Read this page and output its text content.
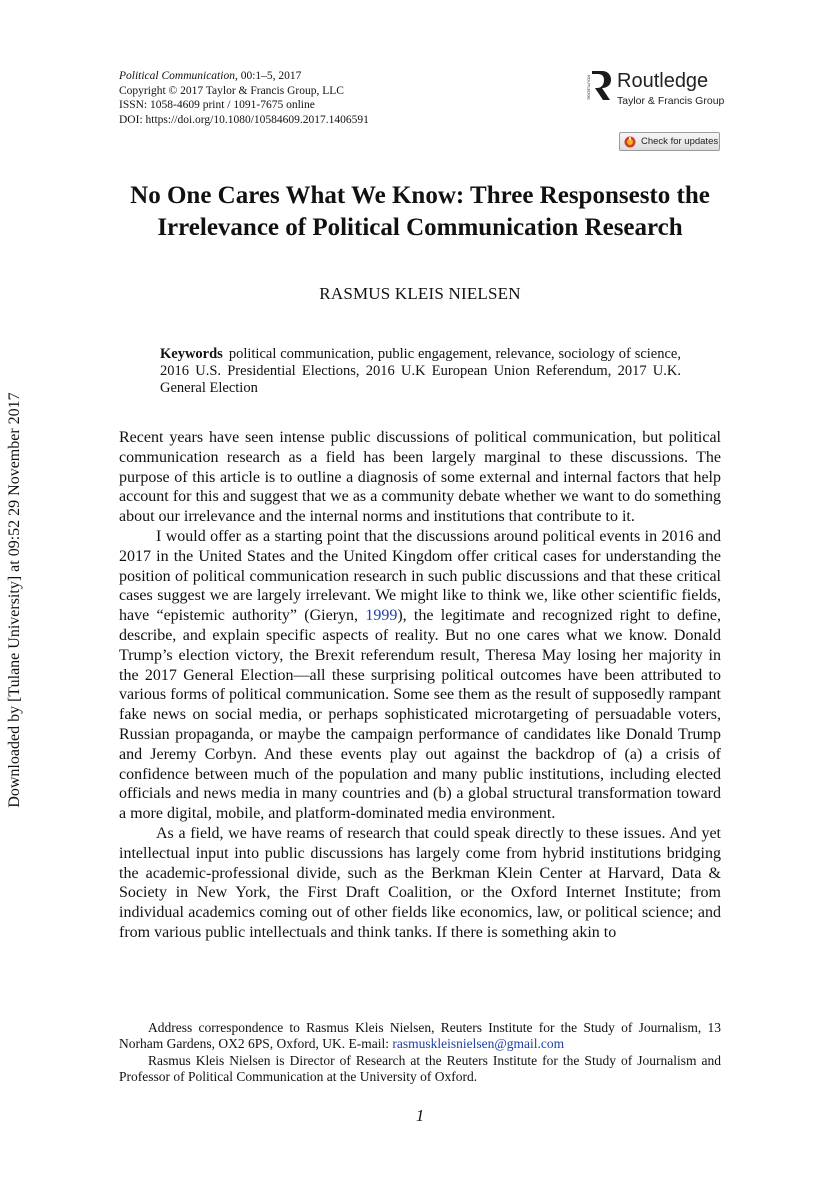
Downloaded by [Tulane University] at 09:52 29 November 2017
Political Communication, 00:1–5, 2017
Copyright © 2017 Taylor & Francis Group, LLC
ISSN: 1058-4609 print / 1091-7675 online
DOI: https://doi.org/10.1080/10584609.2017.1406591
ROUTLEDGE Routledge
Taylor & Francis Group
Check for updates
No One Cares What We Know: Three Responsesto the Irrelevance of Political Communication Research
RASMUS KLEIS NIELSEN

Keywords political communication, public engagement, relevance, sociology of science, 2016 U.S. Presidential Elections, 2016 U.K European Union Referendum, 2017 U.K. General Election

Recent years have seen intense public discussions of political communication, but political communication research as a field has been largely marginal to these discussions. The purpose of this article is to outline a diagnosis of some external and internal factors that help account for this and suggest that we as a community debate whether we want to do something about our irrelevance and the internal norms and institutions that contribute to it.

I would offer as a starting point that the discussions around political events in 2016 and 2017 in the United States and the United Kingdom offer critical cases for understanding the position of political communication research in such public discussions and that these critical cases suggest we are largely irrelevant. We might like to think we, like other scientific fields, have “epistemic authority” (Gieryn, 1999), the legitimate and recognized right to define, describe, and explain specific aspects of reality. But no one cares what we know. Donald Trump’s election victory, the Brexit referendum result, Theresa May losing her majority in the 2017 General Election—all these surprising political outcomes have been attributed to various forms of political communication. Some see them as the result of supposedly rampant fake news on social media, or perhaps sophisticated microtargeting of persuadable voters, Russian propaganda, or maybe the campaign performance of candidates like Donald Trump and Jeremy Corbyn. And these events play out against the backdrop of (a) a crisis of confidence between much of the population and many public institutions, including elected officials and news media in many countries and (b) a global structural transformation toward a more digital, mobile, and platform-dominated media environment.

As a field, we have reams of research that could speak directly to these issues. And yet intellectual input into public discussions has largely come from hybrid institutions bridging the academic-professional divide, such as the Berkman Klein Center at Harvard, Data & Society in New York, the First Draft Coalition, or the Oxford Internet Institute; from individual academics coming out of other fields like economics, law, or political science; and from various public intellectuals and think tanks. If there is something akin to

Address correspondence to Rasmus Kleis Nielsen, Reuters Institute for the Study of Journalism, 13 Norham Gardens, OX2 6PS, Oxford, UK. E-mail: rasmuskleisnielsen@gmail.com

Rasmus Kleis Nielsen is Director of Research at the Reuters Institute for the Study of Journalism and Professor of Political Communication at the University of Oxford.

1
